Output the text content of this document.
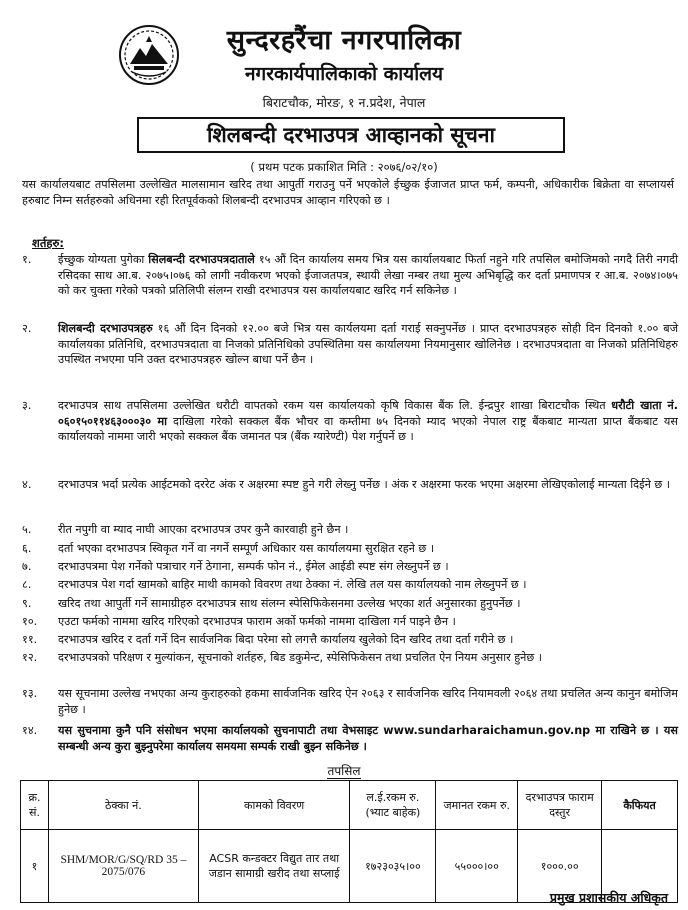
सुन्दरहरैंचा नगरपालिका
नगरकार्यपालिकाको कार्यालय
बिराटचौक, मोरङ, १ न.प्रदेश, नेपाल
शिलबन्दी दरभाउपत्र आव्हानको सूचना
( प्रथम पटक प्रकाशित मिति : २०७६/०२/१०)
यस कार्यालयबाट तपसिलमा उल्लेखित मालसामान खरिद तथा आपुर्ती गराउनु पर्ने भएकोले ईच्छुक ईजाजत प्राप्त फर्म, कम्पनी, अधिकारीक बिक्रेता वा सप्लायर्स हरुबाट निम्न सर्तहरुको अधिनमा रही रितपूर्वकको शिलबन्दी दरभाउपत्र आव्हान गरिएको छ ।
शर्तहरु:
१.	ईच्छुक योग्यता पुगेका सिलबन्दी दरभाउपत्रदाताले १५ औं दिन कार्यालय समय भित्र यस कार्यालयबाट फिर्ता नहुने गरि तपसिल बमोजिमको नगदै तिरी नगदी रसिदका साथ आ.ब. २०७५।०७६ को लागी नवीकरण भएको ईजाजतपत्र, स्थायी लेखा नम्बर तथा मुल्य अभिबृद्धि कर दर्ता प्रमाणपत्र र आ.ब. २०७४।०७५ को कर चुक्ता गरेको पत्रको प्रतिलिपी संलग्न राखी दरभाउपत्र यस कार्यालयबाट खरिद गर्न सकिनेछ ।
२.	शिलबन्दी दरभाउपत्रहरु १६ औं दिन दिनको १२.०० बजे भित्र यस कार्यलयमा दर्ता गराई सक्नुपर्नेछ । प्राप्त दरभाउपत्रहरु सोही दिन दिनको १.०० बजे कार्यालयका प्रतिनिधि, दरभाउपत्रदाता वा निजको प्रतिनिधिको उपस्थितिमा यस कार्यालयमा नियमानुसार खोलिनेछ । दरभाउपत्रदाता वा निजको प्रतिनिधिहरु उपस्थित नभएमा पनि उक्त दरभाउपत्रहरु खोल्न बाधा पर्ने छैन ।
३.	दरभाउपत्र साथ तपसिलमा उल्लेखित धरौटी वापतको रकम यस कार्यालयको कृषि विकास बैंक लि. ईन्द्रपुर शाखा बिराटचौक स्थित धरौटी खाता नं. ०६०१५०११४६३०००३० मा दाखिला गरेको सक्कल बैंक भौचर वा कम्तीमा ७५ दिनको म्याद भएको नेपाल राष्ट्र बैंकबाट मान्यता प्राप्त बैंकबाट यस कार्यालयको नाममा जारी भएको सक्कल बैंक जमानत पत्र (बैंक ग्यारेण्टी) पेश गर्नुपर्ने छ ।
४.	दरभाउपत्र भर्दा प्रत्येक आईटमको दररेट अंक र अक्षरमा स्पष्ट हुने गरी लेख्नु पर्नेछ । अंक र अक्षरमा फरक भएमा अक्षरमा लेखिएकोलाई मान्यता दिईने छ ।
५.	रीत नपुगी वा म्याद नाघी आएका दरभाउपत्र उपर कुनै कारवाही हुने छैन ।
६.	दर्ता भएका दरभाउपत्र स्विकृत गर्ने वा नगर्ने सम्पूर्ण अधिकार यस कार्यालयमा सुरक्षित रहने छ ।
७.	दरभाउपत्रमा पेश गर्नेको पत्राचार गर्ने ठेगाना, सम्पर्क फोन नं., ईमेल आईडी स्पष्ट संग लेख्नुपर्ने छ ।
८.	दरभाउपत्र पेश गर्दा खामको बाहिर माथी कामको विवरण तथा ठेक्का नं. लेखि तल यस कार्यालयको नाम लेख्नुपर्ने छ ।
९.	खरिद तथा आपुर्ती गर्ने सामाग्रीहरु दरभाउपत्र साथ संलग्न स्पेसिफिकेसनमा उल्लेख भएका शर्त अनुसारका हुनुपर्नेछ ।
१०.	एउटा फर्मको नाममा खरिद गरिएको दरभाउपत्र फाराम अर्को फर्मको नाममा दाखिला गर्न पाइने छैन ।
११.	दरभाउपत्र खरिद र दर्ता गर्ने दिन सार्वजनिक बिदा परेमा सो लगत्तै कार्यालय खुलेको दिन खरिद तथा दर्ता गरीने छ ।
१२.	दरभाउपत्रको परिक्षण र मुल्यांकन, सूचनाको शर्तहरु, बिड डकुमेन्ट, स्पेसिफिकेसन तथा प्रचलित ऐन नियम अनुसार हुनेछ ।
१३.	यस सूचनामा उल्लेख नभएका अन्य कुराहरुको हकमा सार्वजनिक खरिद ऐन २०६३ र सार्वजनिक खरिद नियामवली २०६४ तथा प्रचलित अन्य कानुन बमोजिम हुनेछ ।
१४.	यस सुचनामा कुनै पनि संसोधन भएमा कार्यालयको सुचनापाटी तथा वेभसाइट www.sundarharaichamun.gov.np मा राखिने छ । यस सम्बन्धी अन्य कुरा बुझ्नुपरेमा कार्यालय समयमा सम्पर्क राखी बुझ्न सकिनेछ ।
तपसिल
क्र. सं.	ठेक्का नं.	कामको विवरण	ल.ई.रकम रु. (भ्याट बाहेक)	जमानत रकम रु.	दरभाउपत्र फाराम दस्तुर	कैफियत
१	SHM/MOR/G/SQ/RD 35 – 2075/076	ACSR कन्डक्टर विद्युत तार तथा जडान सामाग्री खरीद तथा सप्लाई	१७२३०३५।००	५५०००।००	१०००.००	
प्रमुख प्रशासकीय अधिकृत
